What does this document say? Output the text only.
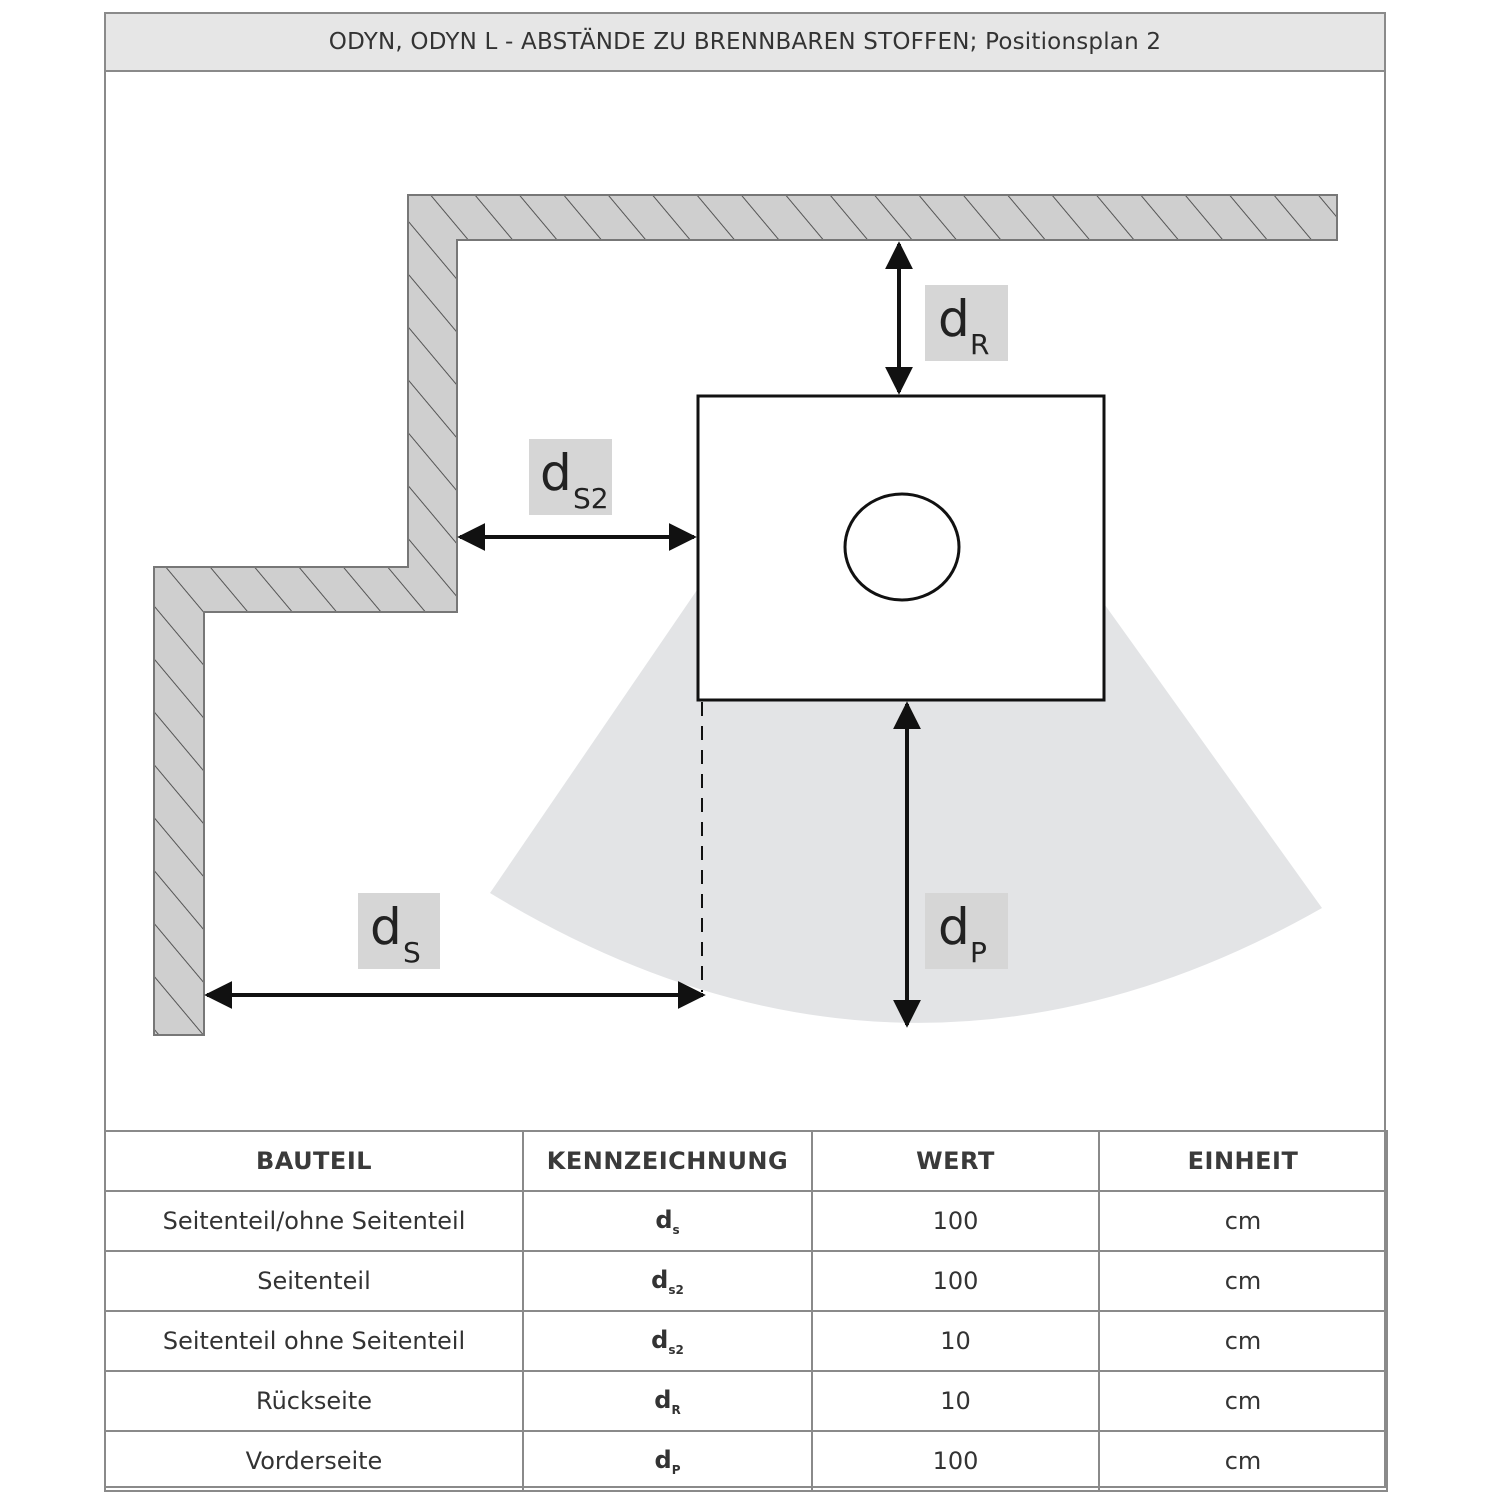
ODYN, ODYN L - ABSTÄNDE ZU BRENNBAREN STOFFEN; Positionsplan 2
d R
d S2
d S	d P
BAUTEIL	KENNZEICHNUNG	WERT	EINHEIT
Seitenteil/ohne Seitenteil	$d_s$	100	cm
Seitenteil	$d_{s2}$	100	cm
Seitenteil ohne Seitenteil	$d_{s2}$	10	cm
Rückseite	$d_R$	10	cm
Vorderseite	$d_P$	100	cm
